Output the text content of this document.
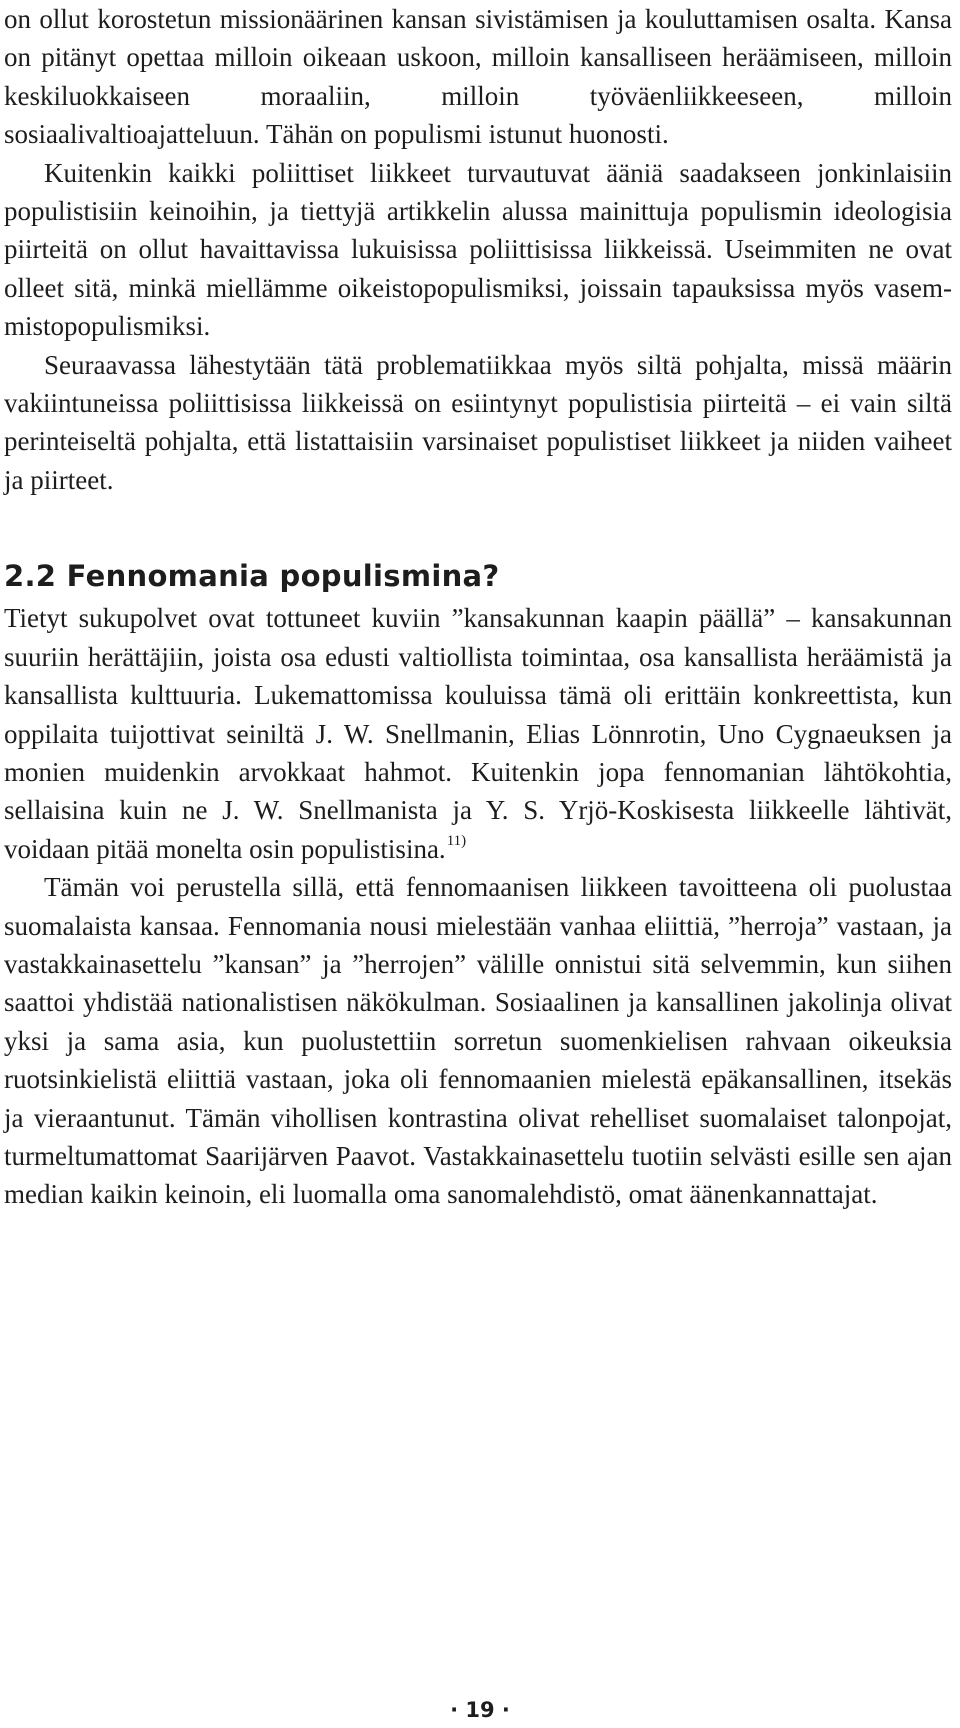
on ollut korostetun missionäärinen kansan sivistämisen ja kouluttamisen osalta. Kansa on pitänyt opettaa milloin oikeaan uskoon, milloin kansalliseen heräämiseen, milloin keskiluokkaiseen moraaliin, milloin työväenliikkeeseen, milloin sosiaalivaltioajatteluun. Tähän on populismi istunut huonosti.

Kuitenkin kaikki poliittiset liikkeet turvautuvat ääniä saadakseen jonkinlaisiin populistisiin keinoihin, ja tiettyjä artikkelin alussa mainittuja populismin ideologisia piirteitä on ollut havaittavissa lukuisissa poliittisissa liikkeissä. Useimmiten ne ovat olleet sitä, minkä miellämme oikeistopopulismiksi, joissain tapauksissa myös vasemmistopopulismiksi.

Seuraavassa lähestytään tätä problematiikkaa myös siltä pohjalta, missä määrin vakiintuneissa poliittisissa liikkeissä on esiintynyt populistisia piirteitä – ei vain siltä perinteiseltä pohjalta, että listattaisiin varsinaiset populistiset liikkeet ja niiden vaiheet ja piirteet.

2.2 Fennomania populismina?

Tietyt sukupolvet ovat tottuneet kuviin ”kansakunnan kaapin päällä” – kansakunnan suuriin herättäjiin, joista osa edusti valtiollista toimintaa, osa kansallista heräämistä ja kansallista kulttuuria. Lukemattomissa kouluissa tämä oli erittäin konkreettista, kun oppilaita tuijottivat seiniltä J. W. Snellmanin, Elias Lönnrotin, Uno Cygnaeuksen ja monien muidenkin arvokkaat hahmot. Kuitenkin jopa fennomanian lähtökohtia, sellaisina kuin ne J. W. Snellmanista ja Y. S. Yrjö-Koskisesta liikkeelle lähtivät, voidaan pitää monelta osin populistisina.$^{11)}$

Tämän voi perustella sillä, että fennomaanisen liikkeen tavoitteena oli puolustaa suomalaista kansaa. Fennomania nousi mielestään vanhaa eliittiä, ”herroja” vastaan, ja vastakkainasettelu ”kansan” ja ”herrojen” välille onnistui sitä selvemmin, kun siihen saattoi yhdistää nationalistisen näkökulman. Sosiaalinen ja kansallinen jakolinja olivat yksi ja sama asia, kun puolustettiin sorretun suomenkielisen rahvaan oikeuksia ruotsinkielistä eliittiä vastaan, joka oli fennomaanien mielestä epäkansallinen, itsekäs ja vieraantunut. Tämän vihollisen kontrastina olivat rehelliset suomalaiset talonpojat, turmeltumattomat Saarijärven Paavot. Vastakkainasettelu tuotiin selvästi esille sen ajan median kaikin keinoin, eli luomalla oma sanomalehdistö, omat äänenkannattajat.

· 19 ·
